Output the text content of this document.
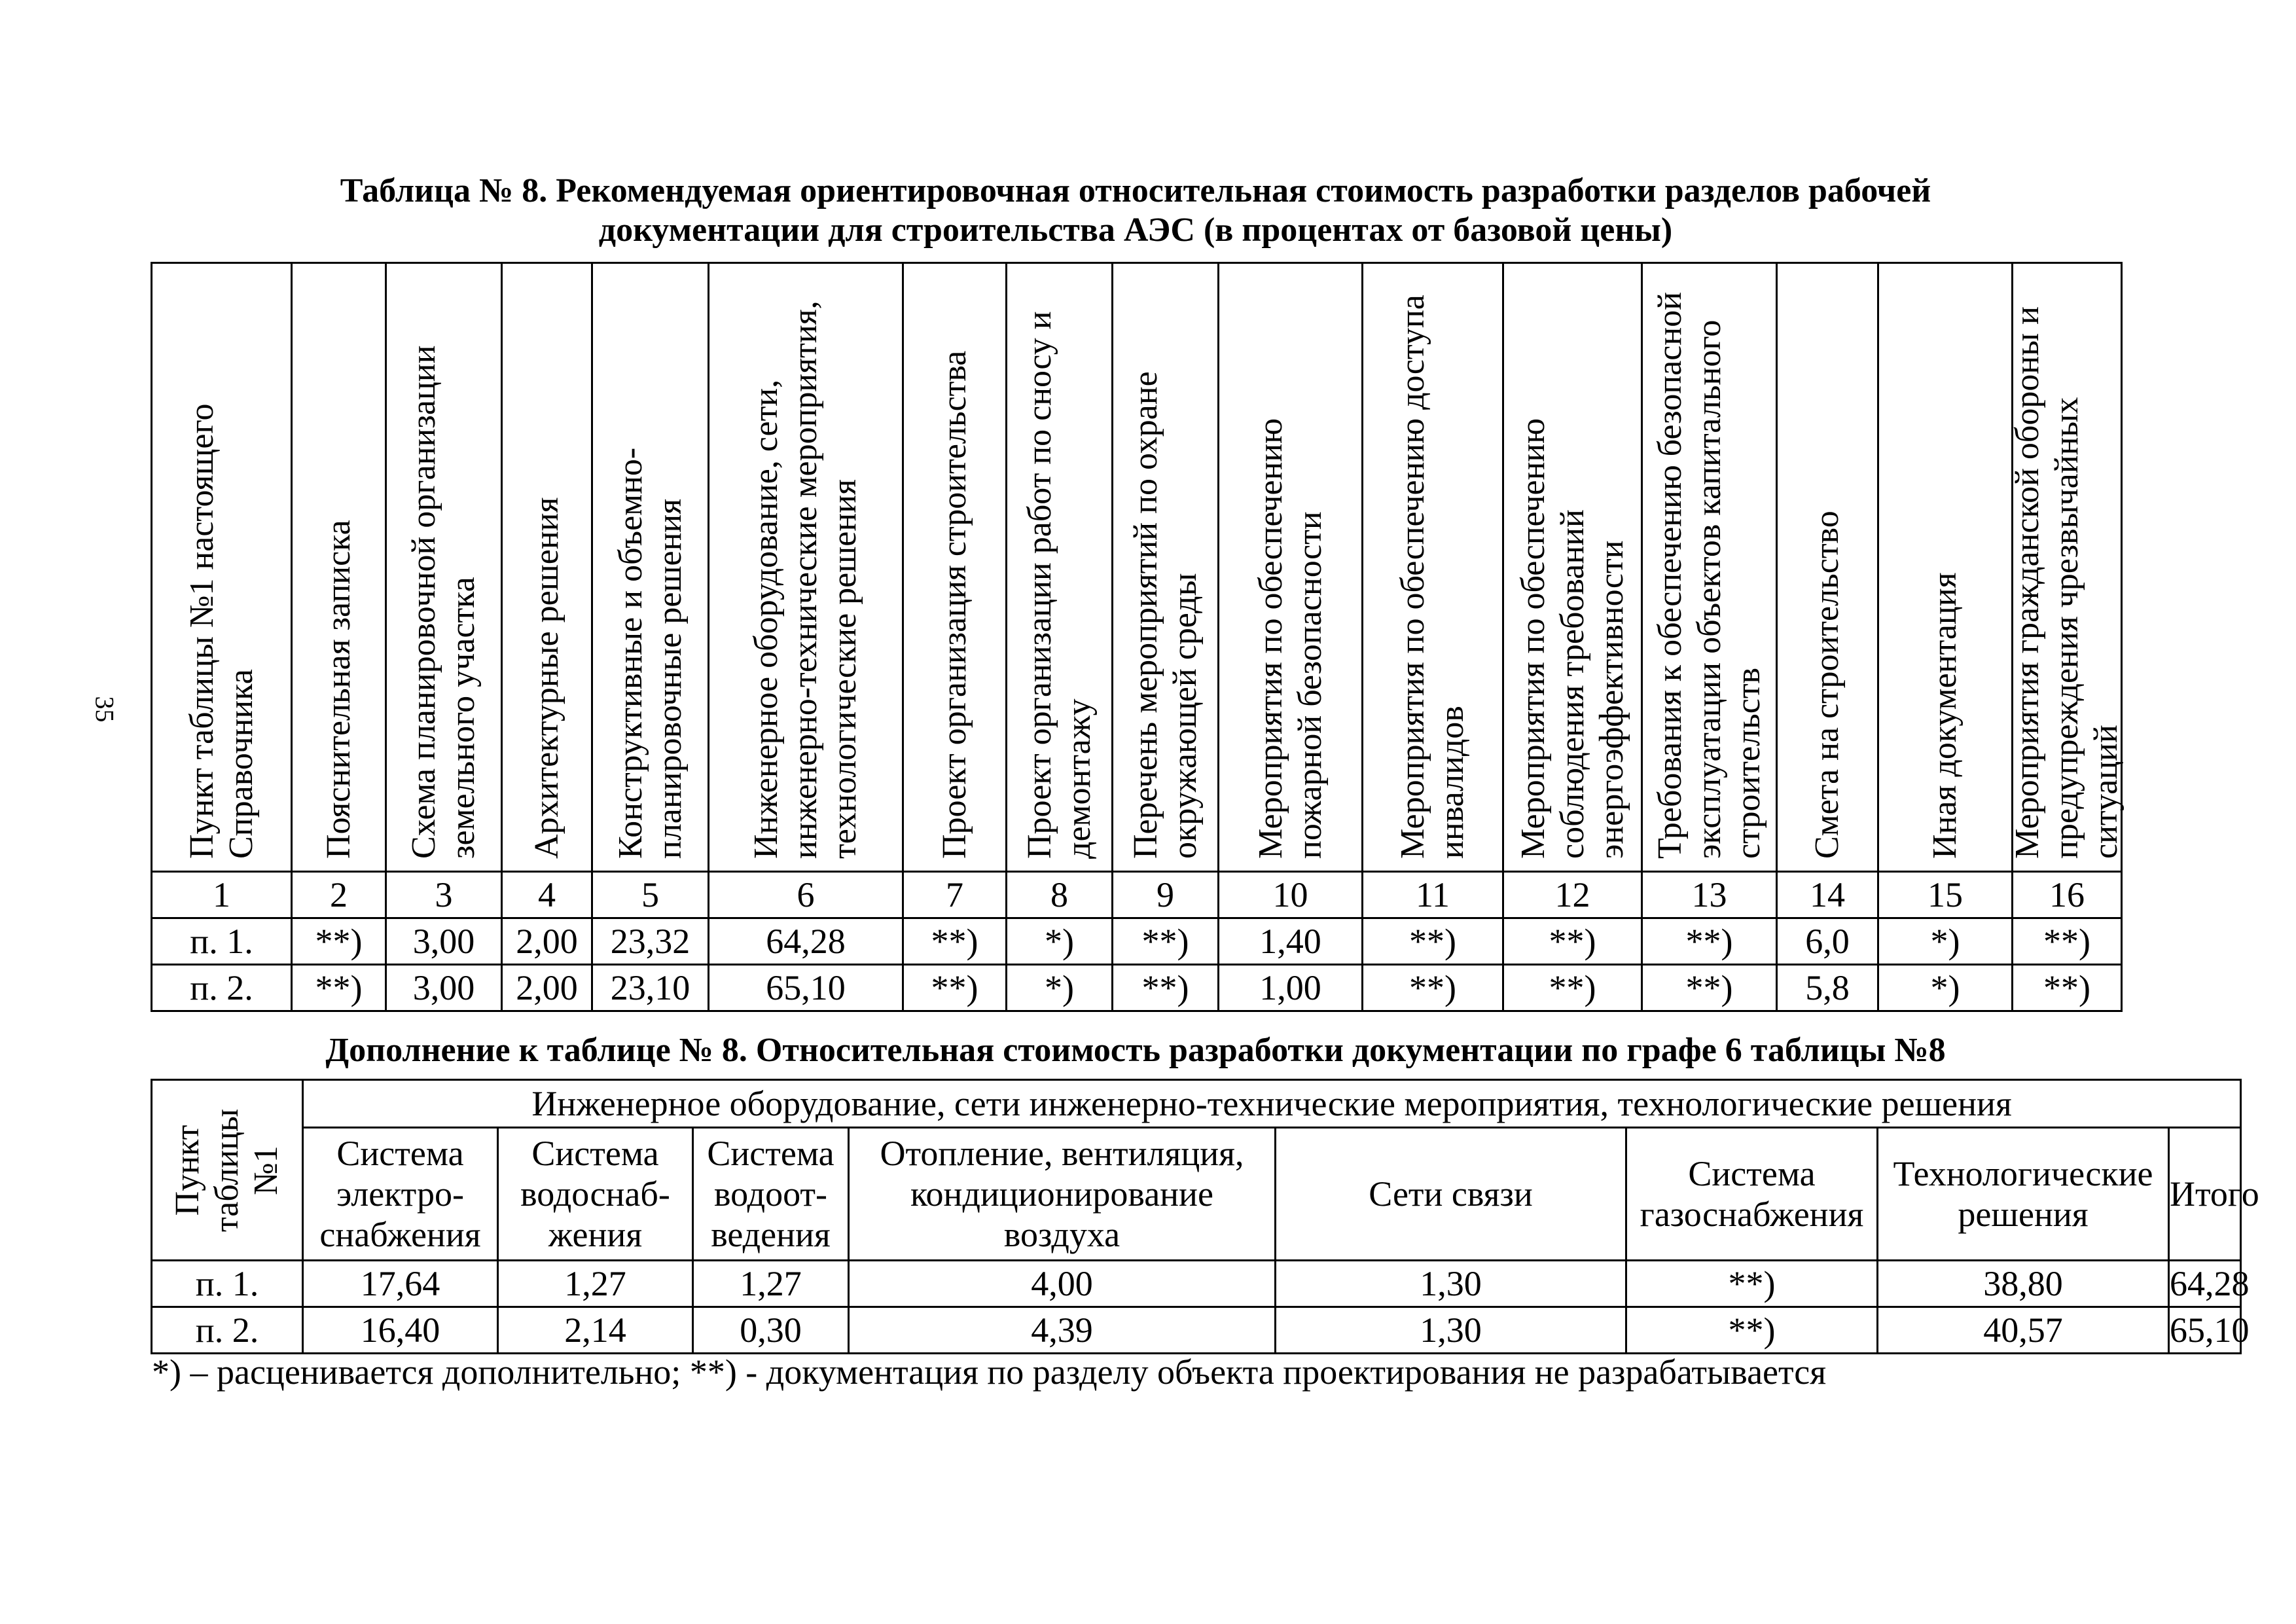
35
Таблица № 8. Рекомендуемая ориентировочная относительная стоимость разработки разделов рабочей
документации для строительства АЭС (в процентах от базовой цены)
Пункт таблицы №1 настоящего Справочника	Пояснительная записка	Схема планировочной организации земельного участка	Архитектурные решения	Конструктивные и объемно-планировочные решения	Инженерное оборудование, сети, инженерно-технические мероприятия, технологические решения	Проект организация строительства	Проект организации работ по сносу и демонтажу	Перечень мероприятий по охране окружающей среды	Мероприятия по обеспечению пожарной безопасности	Мероприятия по обеспечению доступа инвалидов	Мероприятия по обеспечению соблюдения требований энергоэффективности	Требования к обеспечению безопасной эксплуатации объектов капитального строительств	Смета на строительство	Иная документация	Мероприятия гражданской обороны и предупреждения чрезвычайных ситуаций

1	2	3	4	5	6	7	8	9	10	11	12	13	14	15	16
п. 1.	**)	3,00	2,00	23,32	64,28	**)	*)	**)	1,40	**)	**)	**)	6,0	*)	**)
п. 2.	**)	3,00	2,00	23,10	65,10	**)	*)	**)	1,00	**)	**)	**)	5,8	*)	**)
Дополнение к таблице № 8. Относительная стоимость разработки документации по графе 6 таблицы №8
Пункт таблицы №1	Инженерное оборудование, сети инженерно-технические мероприятия, технологические решения							
	Система электро-снабжения	Система водоснаб-жения	Система водоот-ведения	Отопление, вентиляция, кондиционирование воздуха	Сети связи	Система газоснабжения	Технологические решения	Итого
п. 1.	17,64	1,27	1,27	4,00	1,30	**)	38,80	64,28
п. 2.	16,40	2,14	0,30	4,39	1,30	**)	40,57	65,10
*) – расценивается дополнительно; **) - документация по разделу объекта проектирования не разрабатывается
